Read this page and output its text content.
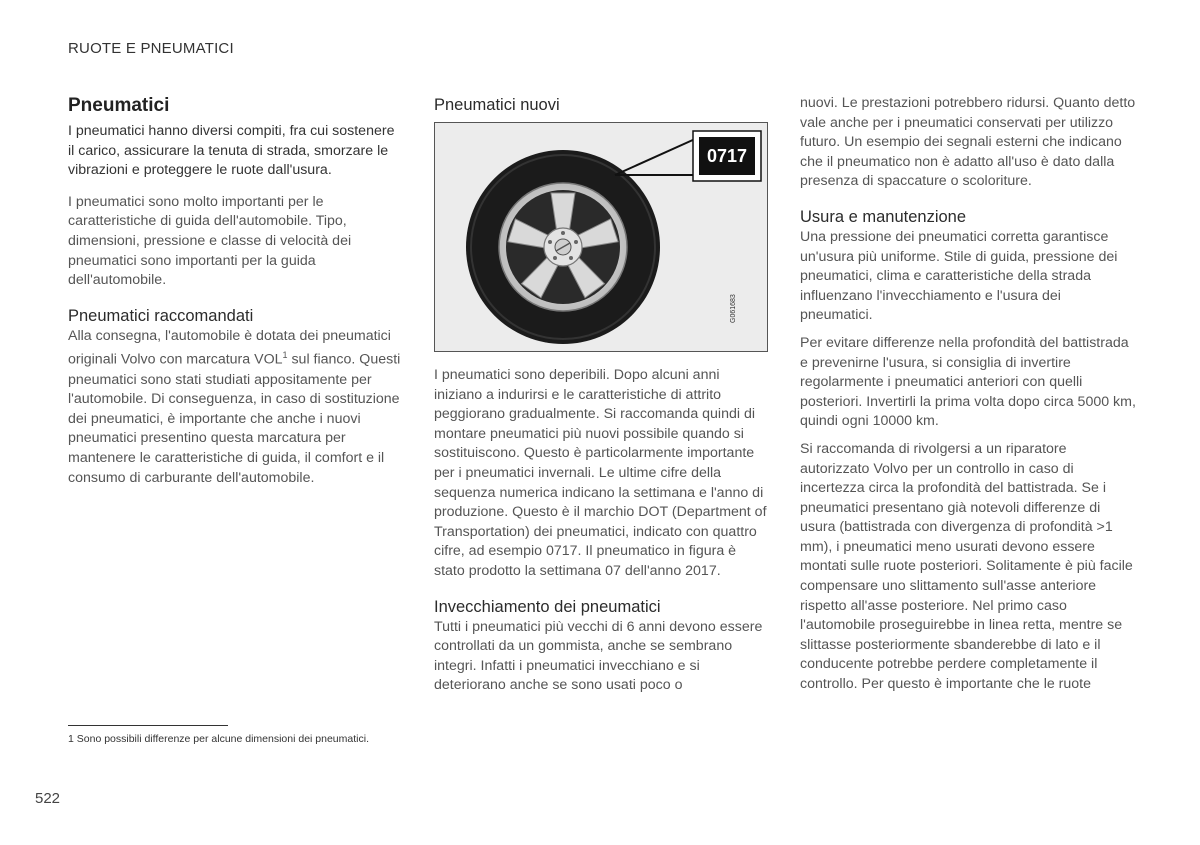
RUOTE E PNEUMATICI
Pneumatici

I pneumatici hanno diversi compiti, fra cui sostenere il carico, assicurare la tenuta di strada, smorzare le vibrazioni e proteggere le ruote dall'usura.

I pneumatici sono molto importanti per le caratteristiche di guida dell'automobile. Tipo, dimensioni, pressione e classe di velocità dei pneumatici sono importanti per la guida dell'automobile.

Pneumatici raccomandati

Alla consegna, l'automobile è dotata dei pneumatici originali Volvo con marcatura VOL$^1$ sul fianco. Questi pneumatici sono stati studiati appositamente per l'automobile. Di conseguenza, in caso di sostituzione dei pneumatici, è importante che anche i nuovi pneumatici presentino questa marcatura per mantenere le caratteristiche di guida, il comfort e il consumo di carburante dell'automobile.

Pneumatici nuovi
0717
G061683

I pneumatici sono deperibili. Dopo alcuni anni iniziano a indurirsi e le caratteristiche di attrito peggiorano gradualmente. Si raccomanda quindi di montare pneumatici più nuovi possibile quando si sostituiscono. Questo è particolarmente importante per i pneumatici invernali. Le ultime cifre della sequenza numerica indicano la settimana e l'anno di produzione. Questo è il marchio DOT (Department of Transportation) dei pneumatici, indicato con quattro cifre, ad esempio 0717. Il pneumatico in figura è stato prodotto la settimana 07 dell'anno 2017.

Invecchiamento dei pneumatici

Tutti i pneumatici più vecchi di 6 anni devono essere controllati da un gommista, anche se sembrano integri. Infatti i pneumatici invecchiano e si deteriorano anche se sono usati poco o

nuovi. Le prestazioni potrebbero ridursi. Quanto detto vale anche per i pneumatici conservati per utilizzo futuro. Un esempio dei segnali esterni che indicano che il pneumatico non è adatto all'uso è dato dalla presenza di spaccature o scoloriture.

Usura e manutenzione

Una pressione dei pneumatici corretta garantisce un'usura più uniforme. Stile di guida, pressione dei pneumatici, clima e caratteristiche della strada influenzano l'invecchiamento e l'usura dei pneumatici.

Per evitare differenze nella profondità del battistrada e prevenirne l'usura, si consiglia di invertire regolarmente i pneumatici anteriori con quelli posteriori. Invertirli la prima volta dopo circa 5000 km, quindi ogni 10000 km.

Si raccomanda di rivolgersi a un riparatore autorizzato Volvo per un controllo in caso di incertezza circa la profondità del battistrada. Se i pneumatici presentano già notevoli differenze di usura (battistrada con divergenza di profondità >1 mm), i pneumatici meno usurati devono essere montati sulle ruote posteriori. Solitamente è più facile compensare uno slittamento sull'asse anteriore rispetto all'asse posteriore. Nel primo caso l'automobile proseguirebbe in linea retta, mentre se slittasse posteriormente sbanderebbe di lato e il conducente potrebbe perdere completamente il controllo. Per questo è importante che le ruote

1 Sono possibili differenze per alcune dimensioni dei pneumatici.
522
